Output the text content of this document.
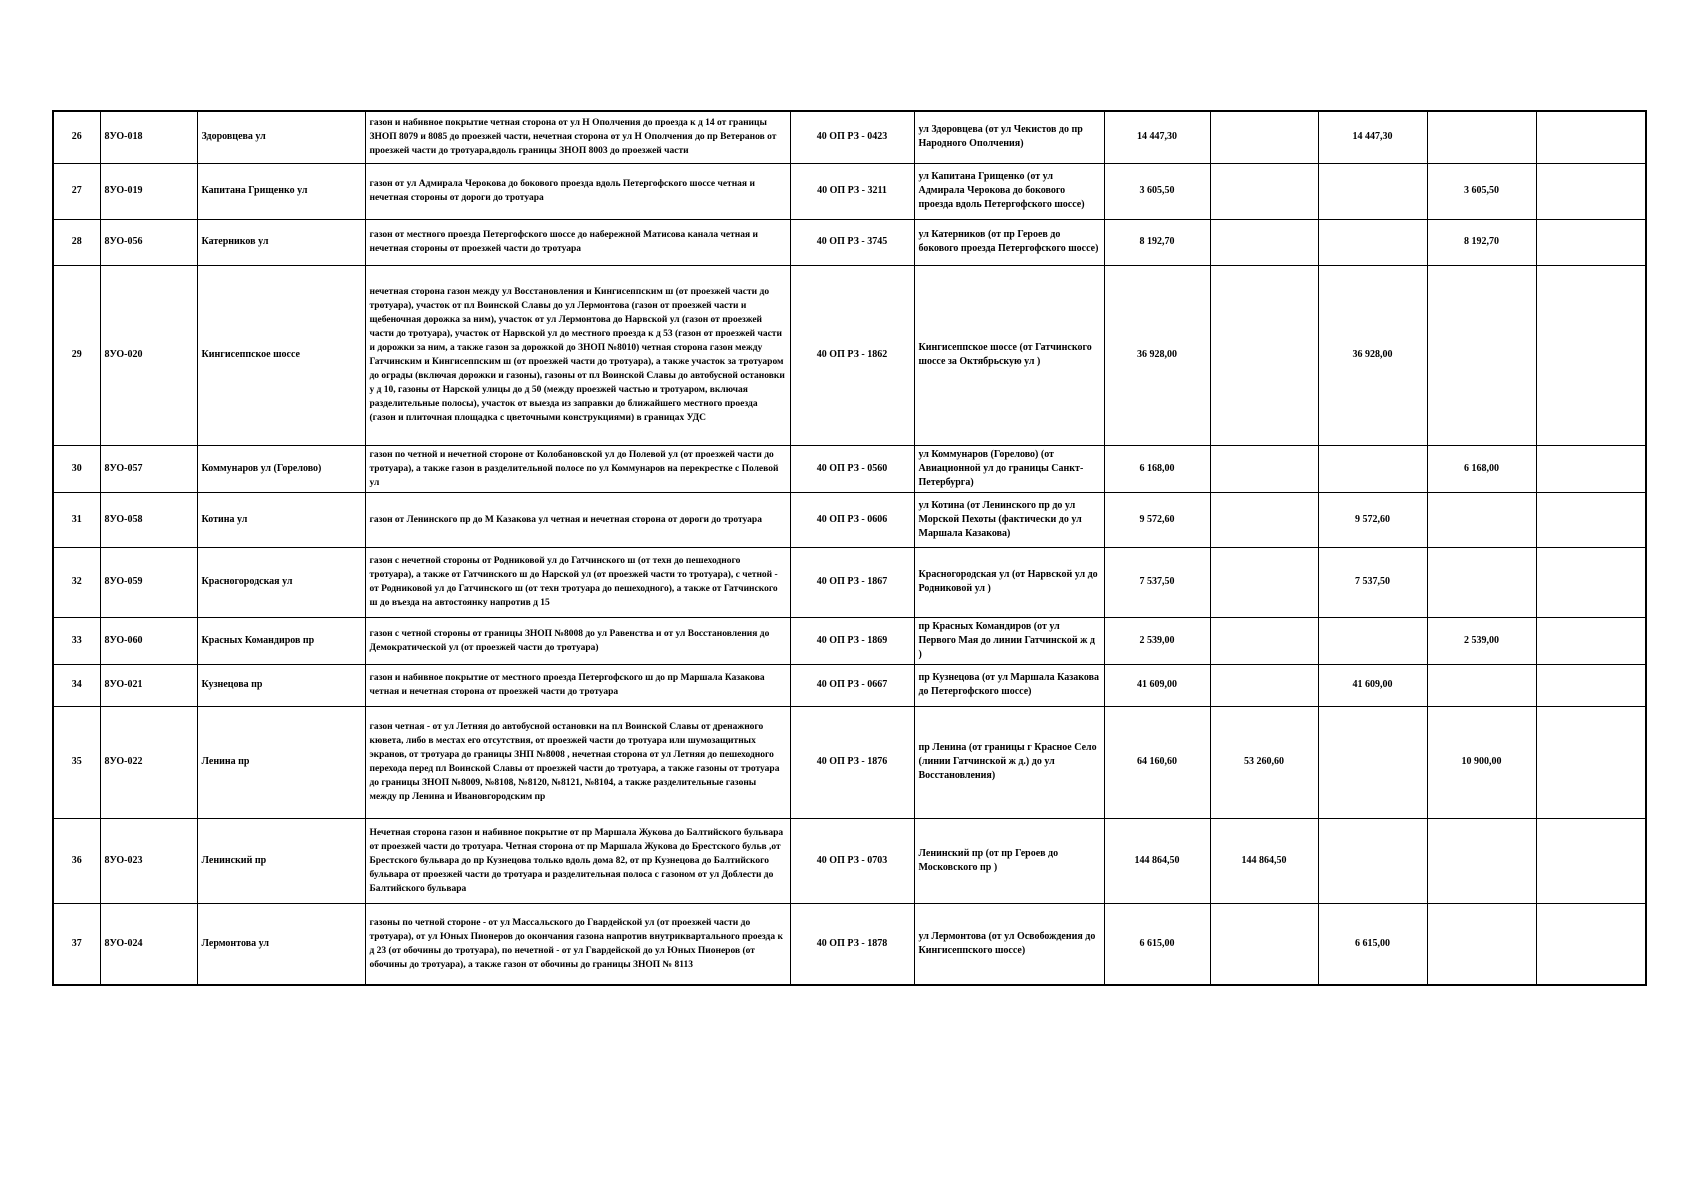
26	8УО-018	Здоровцева ул	газон и набивное покрытие четная сторона от ул Н Ополчения до проезда к д 14 от границы ЗНОП 8079 и 8085 до проезжей части, нечетная сторона от ул Н Ополчения до пр Ветеранов от проезжей части до тротуара,вдоль границы ЗНОП 8003 до проезжей части	40 ОП РЗ - 0423	ул Здоровцева (от ул Чекистов до пр Народного Ополчения)	14 447,30		14 447,30		
27	8УО-019	Капитана Грищенко ул	газон от ул Адмирала Черокова до бокового проезда вдоль Петергофского шоссе четная и нечетная стороны от дороги до тротуара	40 ОП РЗ - 3211	ул Капитана Грищенко (от ул Адмирала Черокова до бокового проезда вдоль Петергофского шоссе)	3 605,50			3 605,50	
28	8УО-056	Катерников ул	газон от местного проезда Петергофского шоссе до набережной Матисова канала четная и нечетная стороны от проезжей части до тротуара	40 ОП РЗ - 3745	ул Катерников (от пр Героев до бокового проезда Петергофского шоссе)	8 192,70			8 192,70	
29	8УО-020	Кингисеппское шоссе	нечетная сторона газон между ул Восстановления и Кингисеппским ш (от проезжей части до тротуара), участок от пл Воинской Славы до ул Лермонтова (газон от проезжей части и щебеночная дорожка за ним), участок от ул Лермонтова до Нарвской ул (газон от проезжей части до тротуара), участок от Нарвской ул до местного проезда к д 53 (газон от проезжей части и дорожки за ним, а также газон за дорожкой до ЗНОП №8010) четная сторона газон между Гатчинским и Кингисеппским ш (от проезжей части до тротуара), а также участок за тротуаром до ограды (включая дорожки и газоны), газоны от пл Воинской Славы до автобусной остановки у д 10, газоны от Нарской улицы до д 50 (между проезжей частью и тротуаром, включая разделительные полосы), участок от выезда из заправки до ближайшего местного проезда (газон и плиточная площадка с цветочными конструкциями) в границах УДС	40 ОП РЗ - 1862	Кингисеппское шоссе (от Гатчинского шоссе за Октябрьскую ул )	36 928,00		36 928,00		
30	8УО-057	Коммунаров ул (Горелово)	газон по четной и нечетной стороне от Колобановской ул до Полевой ул (от проезжей части до тротуара), а также газон в разделительной полосе по ул Коммунаров на перекрестке с Полевой ул	40 ОП РЗ - 0560	ул Коммунаров (Горелово) (от Авиационной ул до границы Санкт-Петербурга)	6 168,00			6 168,00	
31	8УО-058	Котина ул	газон от Ленинского пр до М Казакова ул четная и нечетная сторона от дороги до тротуара	40 ОП РЗ - 0606	ул Котина (от Ленинского пр до ул Морской Пехоты (фактически до ул Маршала Казакова)	9 572,60		9 572,60		
32	8УО-059	Красногородская ул	газон с нечетной стороны от Родниковой ул до Гатчинского ш (от техн до пешеходного тротуара), а также от Гатчинского ш до Нарской ул (от проезжей части то тротуара), с четной - от Родниковой ул до Гатчинского ш (от техн тротуара до пешеходного), а также от Гатчинского ш до въезда на автостоянку напротив д 15	40 ОП РЗ - 1867	Красногородская ул (от Нарвской ул до Родниковой ул )	7 537,50		7 537,50		
33	8УО-060	Красных Командиров пр	газон с четной стороны от границы ЗНОП №8008 до ул Равенства и от ул Восстановления до Демократической ул (от проезжей части до тротуара)	40 ОП РЗ - 1869	пр Красных Командиров (от ул Первого Мая до линии Гатчинской ж д )	2 539,00			2 539,00	
34	8УО-021	Кузнецова пр	газон и набивное покрытие от местного проезда Петергофского ш до пр Маршала Казакова четная и нечетная сторона от проезжей части до тротуара	40 ОП РЗ - 0667	пр Кузнецова (от ул Маршала Казакова до Петергофского шоссе)	41 609,00		41 609,00		
35	8УО-022	Ленина пр	газон четная - от ул Летняя до автобусной остановки на пл Воинской Славы от дренажного кювета, либо в местах его отсутствия, от проезжей части до тротуара или шумозащитных экранов, от тротуара до границы ЗНП №8008 , нечетная сторона от ул Летняя до пешеходного перехода перед пл Воинской Славы от проезжей части до тротуара, а также газоны от тротуара до границы ЗНОП №8009, №8108, №8120, №8121, №8104, а также разделительные газоны между пр Ленина и Ивановгородским пр	40 ОП РЗ - 1876	пр Ленина (от границы г Красное Село (линии Гатчинской ж д.) до ул Восстановления)	64 160,60	53 260,60		10 900,00	
36	8УО-023	Ленинский пр	Нечетная сторона газон и набивное покрытие от пр Маршала Жукова до Балтийского бульвара от проезжей части до тротуара. Четная сторона от пр Маршала Жукова до Брестского бульв ,от Брестского бульвара до пр Кузнецова только вдоль дома 82, от пр Кузнецова до Балтийского бульвара от проезжей части до тротуара и разделительная полоса с газоном от ул Доблести до Балтийского бульвара	40 ОП РЗ - 0703	Ленинский пр (от пр Героев до Московского пр )	144 864,50	144 864,50			
37	8УО-024	Лермонтова ул	газоны по четной стороне - от ул Массальского до Гвардейской ул (от проезжей части до тротуара), от ул Юных Пионеров до окончания газона напротив внутриквартального проезда к д 23 (от обочины до тротуара), по нечетной - от ул Гвардейской до ул Юных Пионеров (от обочины до тротуара), а также газон от обочины до границы ЗНОП № 8113	40 ОП РЗ - 1878	ул Лермонтова (от ул Освобождения до Кингисеппского шоссе)	6 615,00		6 615,00		
